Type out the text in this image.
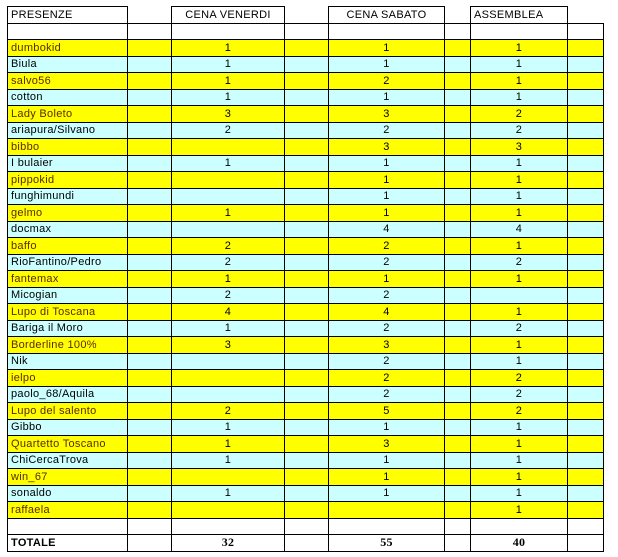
PRESENZE		CENA VENERDI		CENA SABATO		ASSEMBLEA	

dumbokid		1		1		1	
Biula		1		1		1	
salvo56		1		2		1	
cotton		1		1		1	
Lady Boleto		3		3		2	
ariapura/Silvano		2		2		2	
bibbo				3		3	
I bulaier		1		1		1	
pippokid				1		1	
funghimundi				1		1	
gelmo		1		1		1	
docmax				4		4	
baffo		2		2		1	
RioFantino/Pedro		2		2		2	
fantemax		1		1		1	
Micogian		2		2			
Lupo di Toscana		4		4		1	
Bariga il Moro		1		2		2	
Borderline 100%		3		3		1	
Nik				2		1	
ielpo				2		2	
paolo_68/Aquila				2		2	
Lupo del salento		2		5		2	
Gibbo		1		1		1	
Quartetto Toscano		1		3		1	
ChiCercaTrova		1		1		1	
win_67				1		1	
sonaldo		1		1		1	
raffaela						1	

TOTALE		32		55		40	
